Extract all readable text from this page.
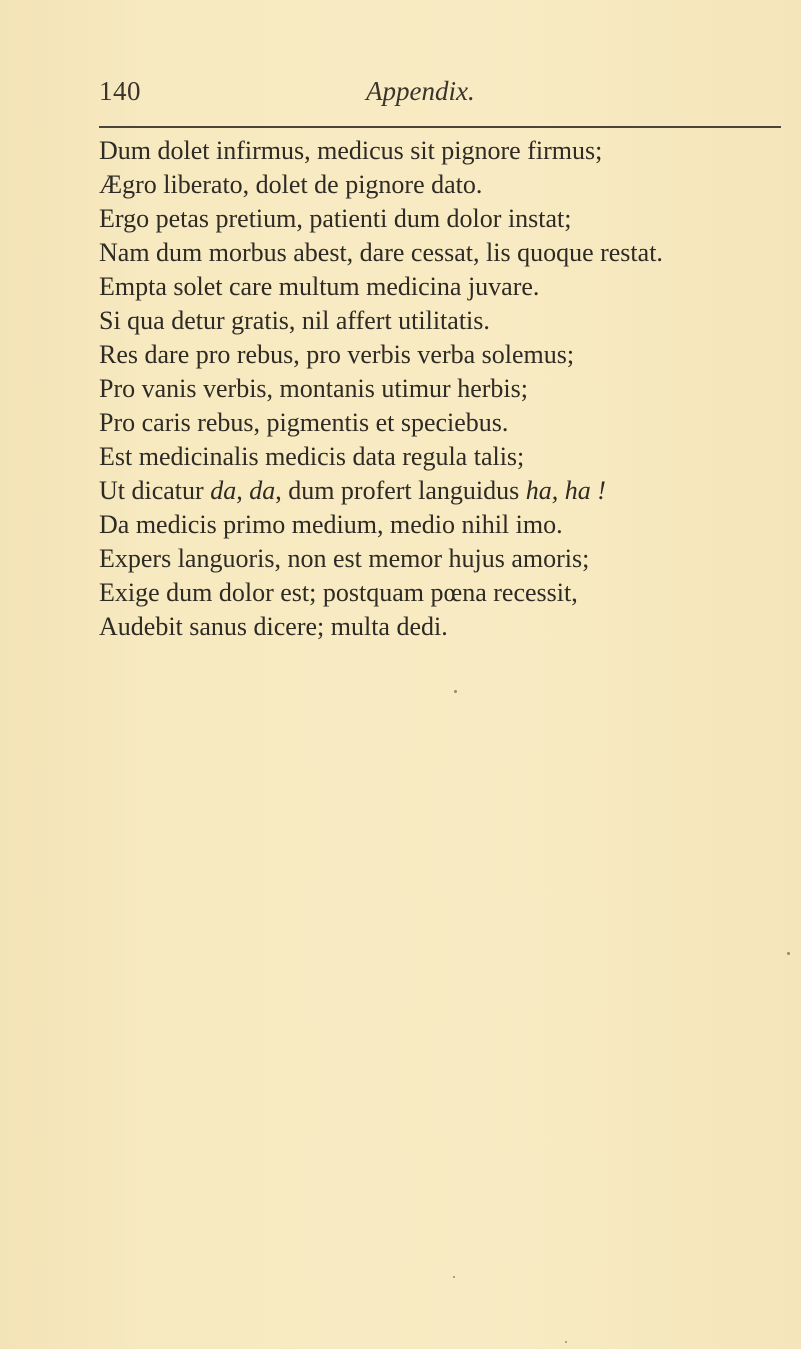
140	Appendix.
Dum dolet infirmus, medicus sit pignore firmus;
Ægro liberato, dolet de pignore dato.
Ergo petas pretium, patienti dum dolor instat;
Nam dum morbus abest, dare cessat, lis quoque restat.
Empta solet care multum medicina juvare.
Si qua detur gratis, nil affert utilitatis.
Res dare pro rebus, pro verbis verba solemus;
Pro vanis verbis, montanis utimur herbis;
Pro caris rebus, pigmentis et speciebus.
Est medicinalis medicis data regula talis;
Ut dicatur da, da, dum profert languidus ha, ha !
Da medicis primo medium, medio nihil imo.
Expers languoris, non est memor hujus amoris;
Exige dum dolor est; postquam pœna recessit,
Audebit sanus dicere; multa dedi.
